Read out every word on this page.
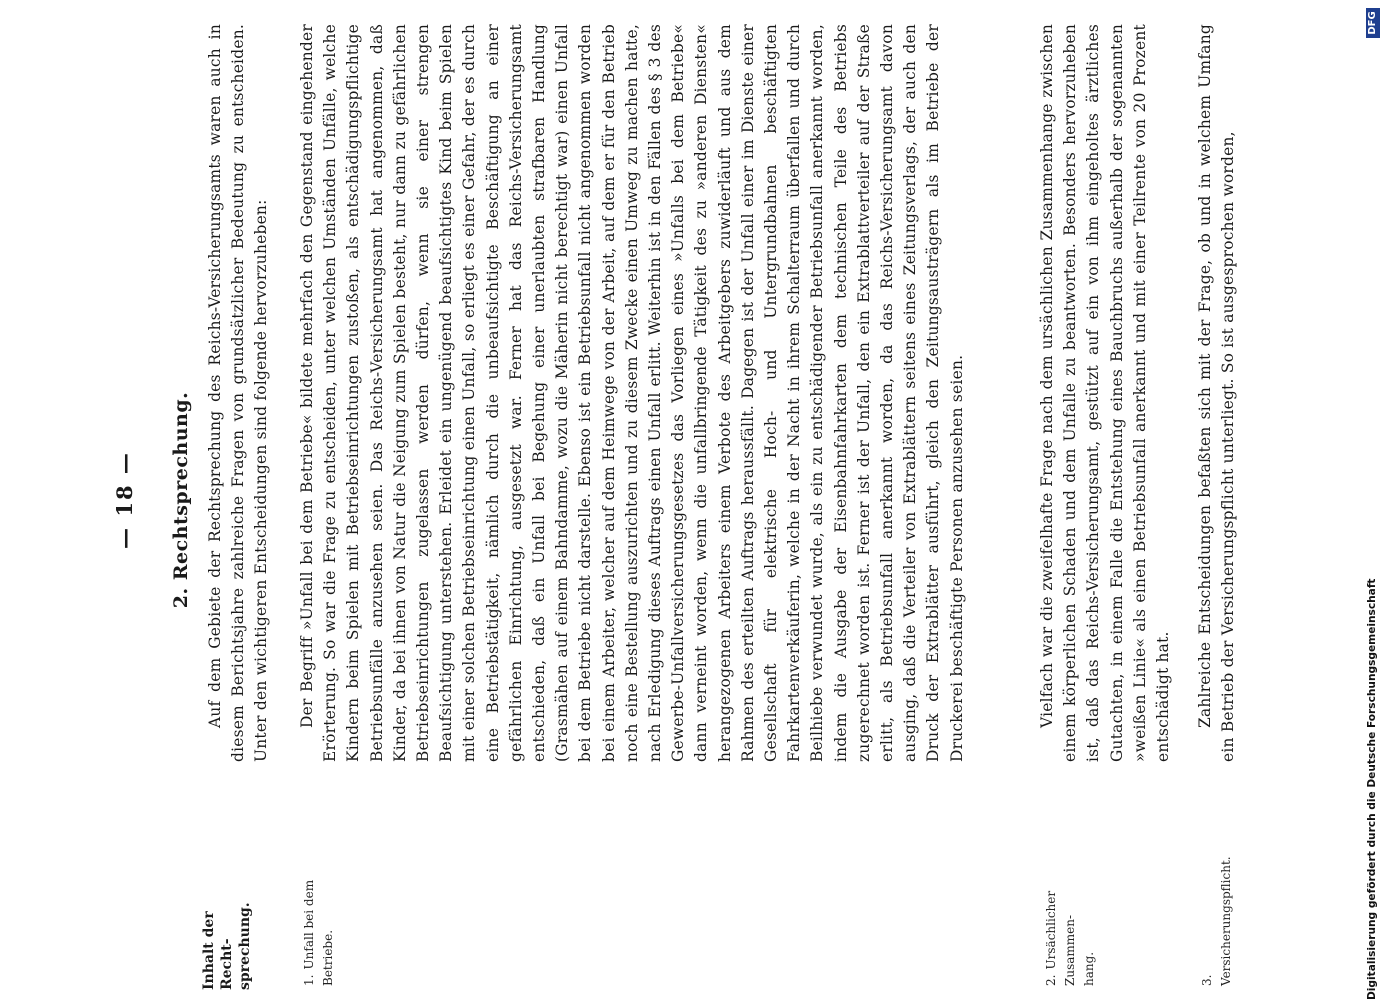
— 18 — 2. Rechtsprechung.
Inhalt der Recht-sprechung.	1. Unfall bei dem Betriebe.	2. Ursächlicher Zusammen-hang.	3. Versicherungspflicht.

Auf dem Gebiete der Rechtsprechung des Reichs-Versicherungsamts waren auch in diesem Berichtsjahre zahlreiche Fragen von grundsätzlicher Bedeutung zu entscheiden. Unter den wichtigeren Entscheidungen sind folgende hervorzuheben: Der Begriff »Unfall bei dem Betriebe« bildete mehrfach den Gegenstand eingehender Erörterung. So war die Frage zu entscheiden, unter welchen Umständen Unfälle, welche Kindern beim Spielen mit Betriebseinrichtungen zustoßen, als entschädigungspflichtige Betriebsunfälle anzusehen seien. Das Reichs-Versicherungsamt hat angenommen, daß Kinder, da bei ihnen von Natur die Neigung zum Spielen besteht, nur dann zu gefährlichen Betriebseinrichtungen zugelassen werden dürfen, wenn sie einer strengen Beaufsichtigung unterstehen. Erleidet ein ungenügend beaufsichtigtes Kind beim Spielen mit einer solchen Betriebseinrichtung einen Unfall, so erliegt es einer Gefahr, der es durch eine Betriebstätigkeit, nämlich durch die unbeaufsichtigte Beschäftigung an einer gefährlichen Einrichtung, ausgesetzt war. Ferner hat das Reichs-Versicherungsamt entschieden, daß ein Unfall bei Begehung einer unerlaubten strafbaren Handlung (Grasmähen auf einem Bahndamme, wozu die Mäherin nicht berechtigt war) einen Unfall bei dem Betriebe nicht darstelle. Ebenso ist ein Betriebsunfall nicht angenommen worden bei einem Arbeiter, welcher auf dem Heimwege von der Arbeit, auf dem er für den Betrieb noch eine Bestellung auszurichten und zu diesem Zwecke einen Umweg zu machen hatte, nach Erledigung dieses Auftrags einen Unfall erlitt. Weiterhin ist in den Fällen des § 3 des Gewerbe-Unfallversicherungsgesetzes das Vorliegen eines »Unfalls bei dem Betriebe« dann verneint worden, wenn die unfallbringende Tätigkeit des zu »anderen Diensten« herangezogenen Arbeiters einem Verbote des Arbeitgebers zuwiderläuft und aus dem Rahmen des erteilten Auftrags heraussfällt. Dagegen ist der Unfall einer im Dienste einer Gesellschaft für elektrische Hoch- und Untergrundbahnen beschäftigten Fahrkartenverkäuferin, welche in der Nacht in ihrem Schalterraum überfallen und durch Beilhiebe verwundet wurde, als ein zu entschädigender Betriebsunfall anerkannt worden, indem die Ausgabe der Eisenbahnfahrkarten dem technischen Teile des Betriebs zugerechnet worden ist. Ferner ist der Unfall, den ein Extrablattverteiler auf der Straße erlitt, als Betriebsunfall anerkannt worden, da das Reichs-Versicherungsamt davon ausging, daß die Verteiler von Extrablättern seitens eines Zeitungsverlags, der auch den Druck der Extrablätter ausführt, gleich den Zeitungsausträgern als im Betriebe der Druckerei beschäftigte Personen anzusehen seien.	Vielfach war die zweifelhafte Frage nach dem ursächlichen Zusammenhange zwischen einem körperlichen Schaden und dem Unfalle zu beantworten. Besonders hervorzuheben ist, daß das Reichs-Versicherungsamt, gestützt auf ein von ihm eingeholtes ärztliches Gutachten, in einem Falle die Entstehung eines Bauchbruchs außerhalb der sogenannten »weißen Linie« als einen Betriebsunfall anerkannt und mit einer Teilrente von 20 Prozent entschädigt hat. Zahlreiche Entscheidungen befaßten sich mit der Frage, ob und in welchem Umfang ein Betrieb der Versicherungspflicht unterliegt. So ist ausgesprochen worden,

DFG
Digitalisierung gefördert durch die Deutsche Forschungsgemeinschaft
